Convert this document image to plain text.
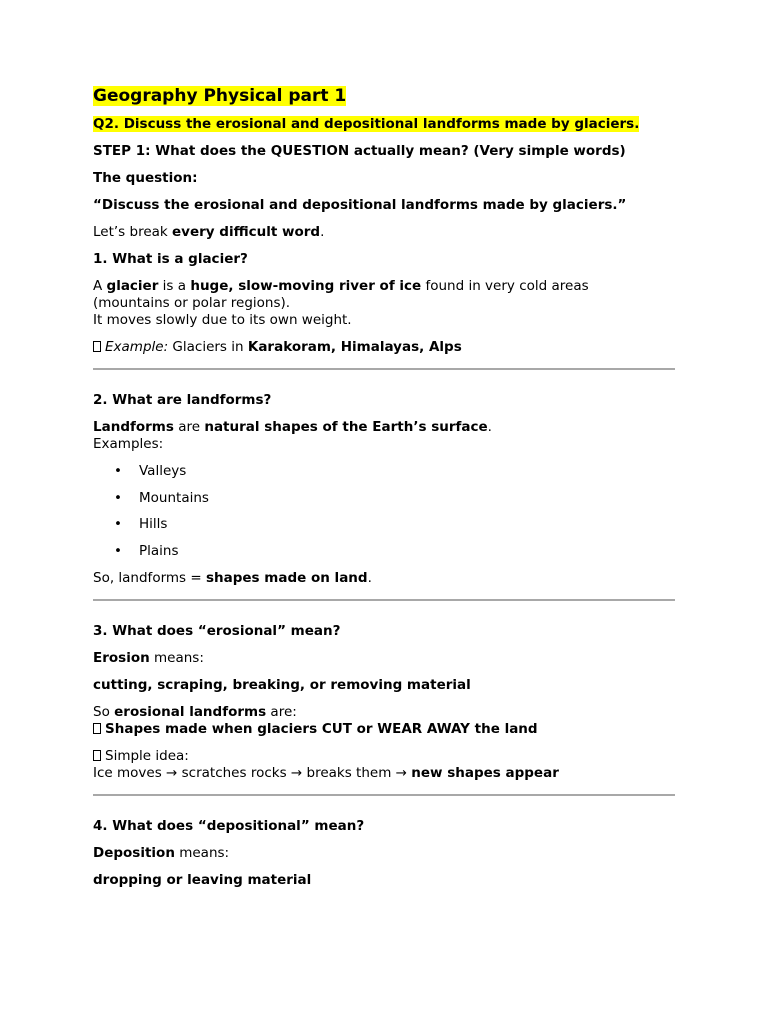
Geography Physical part 1

Q2. Discuss the erosional and depositional landforms made by glaciers.

STEP 1: What does the QUESTION actually mean? (Very simple words)

The question:

“Discuss the erosional and depositional landforms made by glaciers.”

Let’s break every difficult word.

1. What is a glacier?

A glacier is a huge, slow-moving river of ice found in very cold areas

(mountains or polar regions).

It moves slowly due to its own weight.

Example: Glaciers in Karakoram, Himalayas, Alps

2. What are landforms?

Landforms are natural shapes of the Earth’s surface.

Examples:

• Valleys
• Mountains
• Hills
• Plains

So, landforms = shapes made on land.

3. What does “erosional” mean?

Erosion means:

cutting, scraping, breaking, or removing material

So erosional landforms are:

Shapes made when glaciers CUT or WEAR AWAY the land

Simple idea:

Ice moves → scratches rocks → breaks them → new shapes appear

4. What does “depositional” mean?

Deposition means:

dropping or leaving material
